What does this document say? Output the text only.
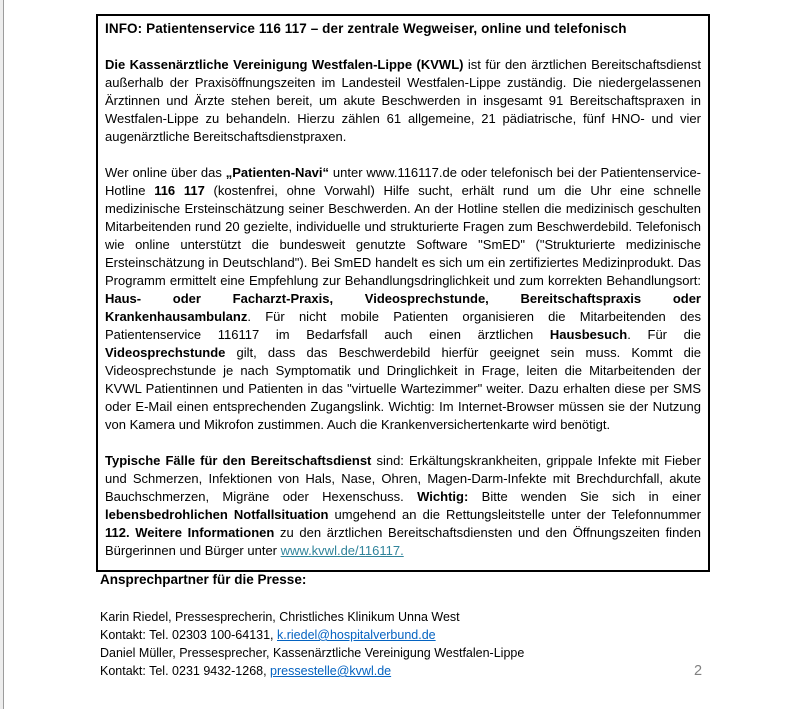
INFO: Patientenservice 116 117 – der zentrale Wegweiser, online und telefonisch

Die Kassenärztliche Vereinigung Westfalen-Lippe (KVWL) ist für den ärztlichen Bereitschaftsdienst außerhalb der Praxisöffnungszeiten im Landesteil Westfalen-Lippe zuständig. Die niedergelassenen Ärztinnen und Ärzte stehen bereit, um akute Beschwerden in insgesamt 91 Bereitschaftspraxen in Westfalen-Lippe zu behandeln. Hierzu zählen 61 allgemeine, 21 pädiatrische, fünf HNO- und vier augenärztliche Bereitschaftsdienstpraxen.

Wer online über das „Patienten-Navi“ unter www.116117.de oder telefonisch bei der Patientenservice-Hotline 116 117 (kostenfrei, ohne Vorwahl) Hilfe sucht, erhält rund um die Uhr eine schnelle medizinische Ersteinschätzung seiner Beschwerden. An der Hotline stellen die medizinisch geschulten Mitarbeitenden rund 20 gezielte, individuelle und strukturierte Fragen zum Beschwerdebild. Telefonisch wie online unterstützt die bundesweit genutzte Software "SmED" ("Strukturierte medizinische Ersteinschätzung in Deutschland"). Bei SmED handelt es sich um ein zertifiziertes Medizinprodukt. Das Programm ermittelt eine Empfehlung zur Behandlungsdringlichkeit und zum korrekten Behandlungsort: Haus- oder Facharzt-Praxis, Videosprechstunde, Bereitschaftspraxis oder Krankenhausambulanz. Für nicht mobile Patienten organisieren die Mitarbeitenden des Patientenservice 116117 im Bedarfsfall auch einen ärztlichen Hausbesuch. Für die Videosprechstunde gilt, dass das Beschwerdebild hierfür geeignet sein muss. Kommt die Videosprechstunde je nach Symptomatik und Dringlichkeit in Frage, leiten die Mitarbeitenden der KVWL Patientinnen und Patienten in das "virtuelle Wartezimmer" weiter. Dazu erhalten diese per SMS oder E-Mail einen entsprechenden Zugangslink. Wichtig: Im Internet-Browser müssen sie der Nutzung von Kamera und Mikrofon zustimmen. Auch die Krankenversichertenkarte wird benötigt.

Typische Fälle für den Bereitschaftsdienst sind: Erkältungskrankheiten, grippale Infekte mit Fieber und Schmerzen, Infektionen von Hals, Nase, Ohren, Magen-Darm-Infekte mit Brechdurchfall, akute Bauchschmerzen, Migräne oder Hexenschuss. Wichtig: Bitte wenden Sie sich in einer lebensbedrohlichen Notfallsituation umgehend an die Rettungsleitstelle unter der Telefonnummer 112. Weitere Informationen zu den ärztlichen Bereitschaftsdiensten und den Öffnungszeiten finden Bürgerinnen und Bürger unter www.kvwl.de/116117.

Ansprechpartner für die Presse:

Karin Riedel, Pressesprecherin, Christliches Klinikum Unna West

Kontakt: Tel. 02303 100-64131, k.riedel@hospitalverbund.de

Daniel Müller, Pressesprecher, Kassenärztliche Vereinigung Westfalen-Lippe

Kontakt: Tel. 0231 9432-1268, pressestelle@kvwl.de	2
